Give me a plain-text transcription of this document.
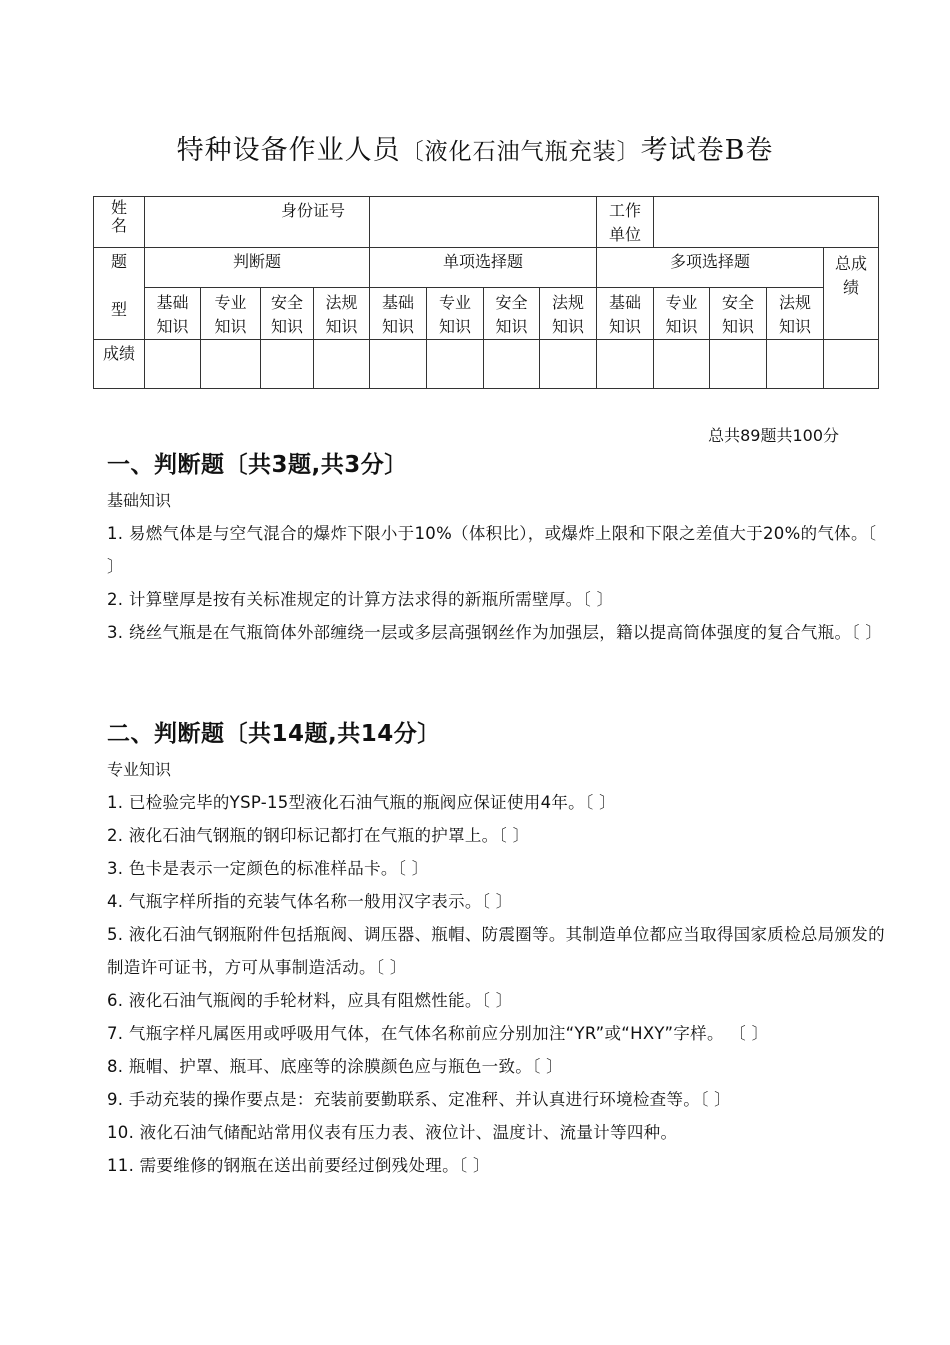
特种设备作业人员〔液化石油气瓶充装〕考试卷B卷
姓名	身份证号								工作单位				

题
型	判断题				单项选择题				多项选择题				总成绩
	基础知识	专业知识	安全知识	法规知识	基础知识	专业知识	安全知识	法规知识	基础知识	专业知识	安全知识	法规知识	
成绩													
总共89题共100分
一、判断题〔共3题,共3分〕
基础知识
1. 易燃气体是与空气混合的爆炸下限小于10%（体积比），或爆炸上限和下限之差值大于20%的气体。〔 〕
2. 计算壁厚是按有关标准规定的计算方法求得的新瓶所需壁厚。〔 〕
3. 绕丝气瓶是在气瓶筒体外部缠绕一层或多层高强钢丝作为加强层，籍以提高筒体强度的复合气瓶。〔 〕
二、判断题〔共14题,共14分〕
专业知识
1. 已检验完毕的YSP-15型液化石油气瓶的瓶阀应保证使用4年。〔 〕
2. 液化石油气钢瓶的钢印标记都打在气瓶的护罩上。〔 〕
3. 色卡是表示一定颜色的标准样品卡。〔 〕
4. 气瓶字样所指的充装气体名称一般用汉字表示。〔 〕
5. 液化石油气钢瓶附件包括瓶阀、调压器、瓶帽、防震圈等。其制造单位都应当取得国家质检总局颁发的制造许可证书，方可从事制造活动。〔 〕
6. 液化石油气瓶阀的手轮材料，应具有阻燃性能。〔 〕
7. 气瓶字样凡属医用或呼吸用气体，在气体名称前应分别加注“YR”或“HXY”字样。 〔 〕
8. 瓶帽、护罩、瓶耳、底座等的涂膜颜色应与瓶色一致。〔 〕
9. 手动充装的操作要点是：充装前要勤联系、定准秤、并认真进行环境检查等。〔 〕
10. 液化石油气储配站常用仪表有压力表、液位计、温度计、流量计等四种。
11. 需要维修的钢瓶在送出前要经过倒残处理。〔 〕
